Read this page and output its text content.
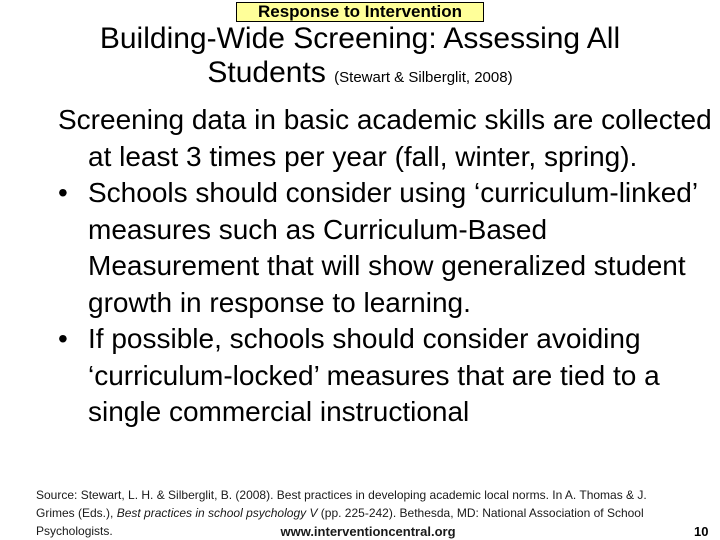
Response to Intervention
Building-Wide Screening: Assessing All Students (Stewart & Silberglit, 2008)

Screening data in basic academic skills are collected at least 3 times per year (fall, winter, spring).

• Schools should consider using ‘curriculum-linked’ measures such as Curriculum-Based Measurement that will show generalized student growth in response to learning.
• If possible, schools should consider avoiding ‘curriculum-locked’ measures that are tied to a single commercial instructional
Source: Stewart, L. H. & Silberglit, B. (2008). Best practices in developing academic local norms. In A. Thomas & J. Grimes (Eds.), Best practices in school psychology V (pp. 225-242). Bethesda, MD: National Association of School Psychologists.	www.interventioncentral.org	10
